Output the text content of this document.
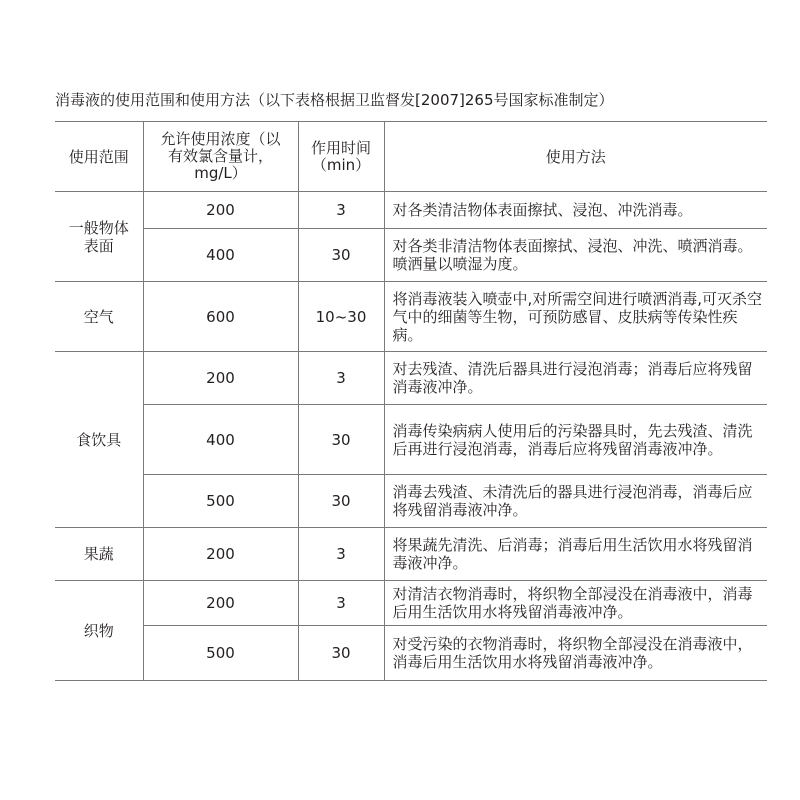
消毒液的使用范围和使用方法（以下表格根据卫监督发[2007]265号国家标准制定）
使用范围	允许使用浓度（以有效氯含量计，mg/L）	作用时间（min）	使用方法
一般物体表面	200	3	对各类清洁物体表面擦拭、浸泡、冲洗消毒。

	400	30	对各类非清洁物体表面擦拭、浸泡、冲洗、喷洒消毒。喷洒量以喷湿为度。

空气	600	10~30	将消毒液装入喷壶中,对所需空间进行喷洒消毒,可灭杀空气中的细菌等生物，可预防感冒、皮肤病等传染性疾病。

食饮具	200	3	对去残渣、清洗后器具进行浸泡消毒；消毒后应将残留消毒液冲净。

	400	30	消毒传染病病人使用后的污染器具时，先去残渣、清洗后再进行浸泡消毒，消毒后应将残留消毒液冲净。

	500	30	消毒去残渣、未清洗后的器具进行浸泡消毒，消毒后应将残留消毒液冲净。

果蔬	200	3	将果蔬先清洗、后消毒；消毒后用生活饮用水将残留消毒液冲净。

织物	200	3	对清洁衣物消毒时，将织物全部浸没在消毒液中，消毒后用生活饮用水将残留消毒液冲净。

	500	30	对受污染的衣物消毒时，将织物全部浸没在消毒液中，消毒后用生活饮用水将残留消毒液冲净。
